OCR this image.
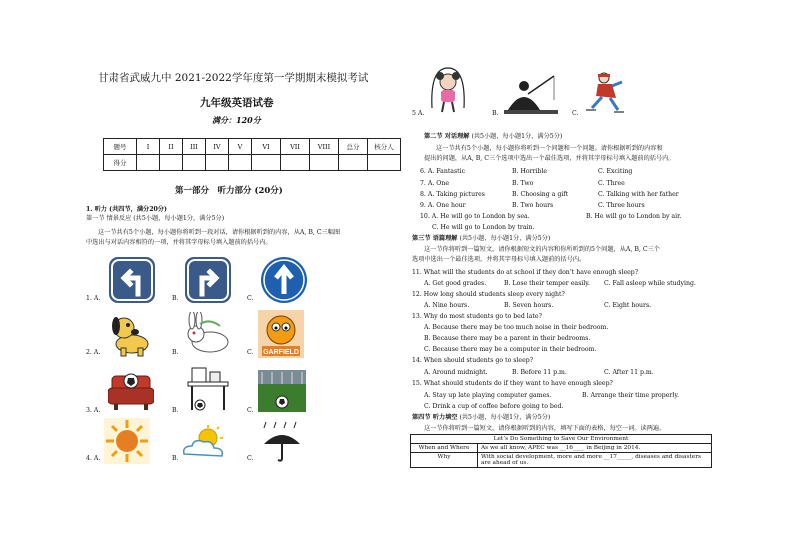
甘肃省武威九中 2021-2022学年度第一学期期末模拟考试
九年级英语试卷
满分：120分
题号	I	II	III	IV	V	VI	VII	VIII	总分	核分人
得分										
第一部分　听力部分 (20分)
1. 听力 (共四节，满分20分)
第一节 情景反应 (共5小题，每小题1分，满分5分)
这一节共有5个小题，每小题你将听到一段对话，请你根据听到的内容，从A, B, C三幅图
中选出与对话内容相符的一项，并将其字母标号填入题前的括号内。
1. A.	B.	C.
2. A.	B.	C. GARFIELD
3. A.	B.	C.
4. A.	B.	C.
5 A.	B.	C.
第二节 对话理解 (共5小题，每小题1分，满分5分)
这一节共有5个小题，每小题你将听到一个问题和一个问题。请你根据听到的内容和
提出的问题，从A, B, C三个选项中选出一个最佳选项，并将其字母标号填入题前的括号内。
6. A. Fantastic	B. Horrible	C. Exciting
7. A. One	B. Two	C. Three
8. A. Taking pictures	B. Choosing a gift	C. Talking with her father
9. A. One hour	B. Two hours	C. Three hours
10. A. He will go to London by sea.	B. He will go to London by air.
C. He will go to London by train.
第三节 语篇理解 (共5小题，每小题1分，满分5分)
这一节你将听到一篇短文，请你根据短文的内容和你所听到的5个问题，从A, B, C三个
选项中选出一个最佳选项，并将其字母标号填入题前的括号内。
11. What will the students do at school if they don’t have enough sleep?
A. Get good grades.	B. Lose their temper easily. C. Fall asleep while studying.
12. How long should students sleep every night?
A. Nine hours.	B. Seven hours.	C. Eight hours.
13. Why do most students go to bed late?
A. Because there may be too much noise in their bedroom.
B. Because there may be a parent in their bedrooms.
C. Because there may be a computer in their bedroom.
14. When should students go to sleep?
A. Around midnight.	B. Before 11 p.m.	C. After 11 p.m.
15. What should students do if they want to have enough sleep?
A. Stay up late playing computer games.	B. Arrange their time properly.
C. Drink a cup of coffee before going to bed.
第四节 听力填空 (共5小题，每小题1分，满分5分)
这一节你将听到一篇短文，请你根据听到的内容，填写下面的表格，每空一词。读两遍。
Let’s Do Something to Save Our Environment	
When and Where	As we all know, APEC was __16____ in Beijing in 2014.
Why	With social development, more and more __17_____, diseases and disasters are ahead of us.
